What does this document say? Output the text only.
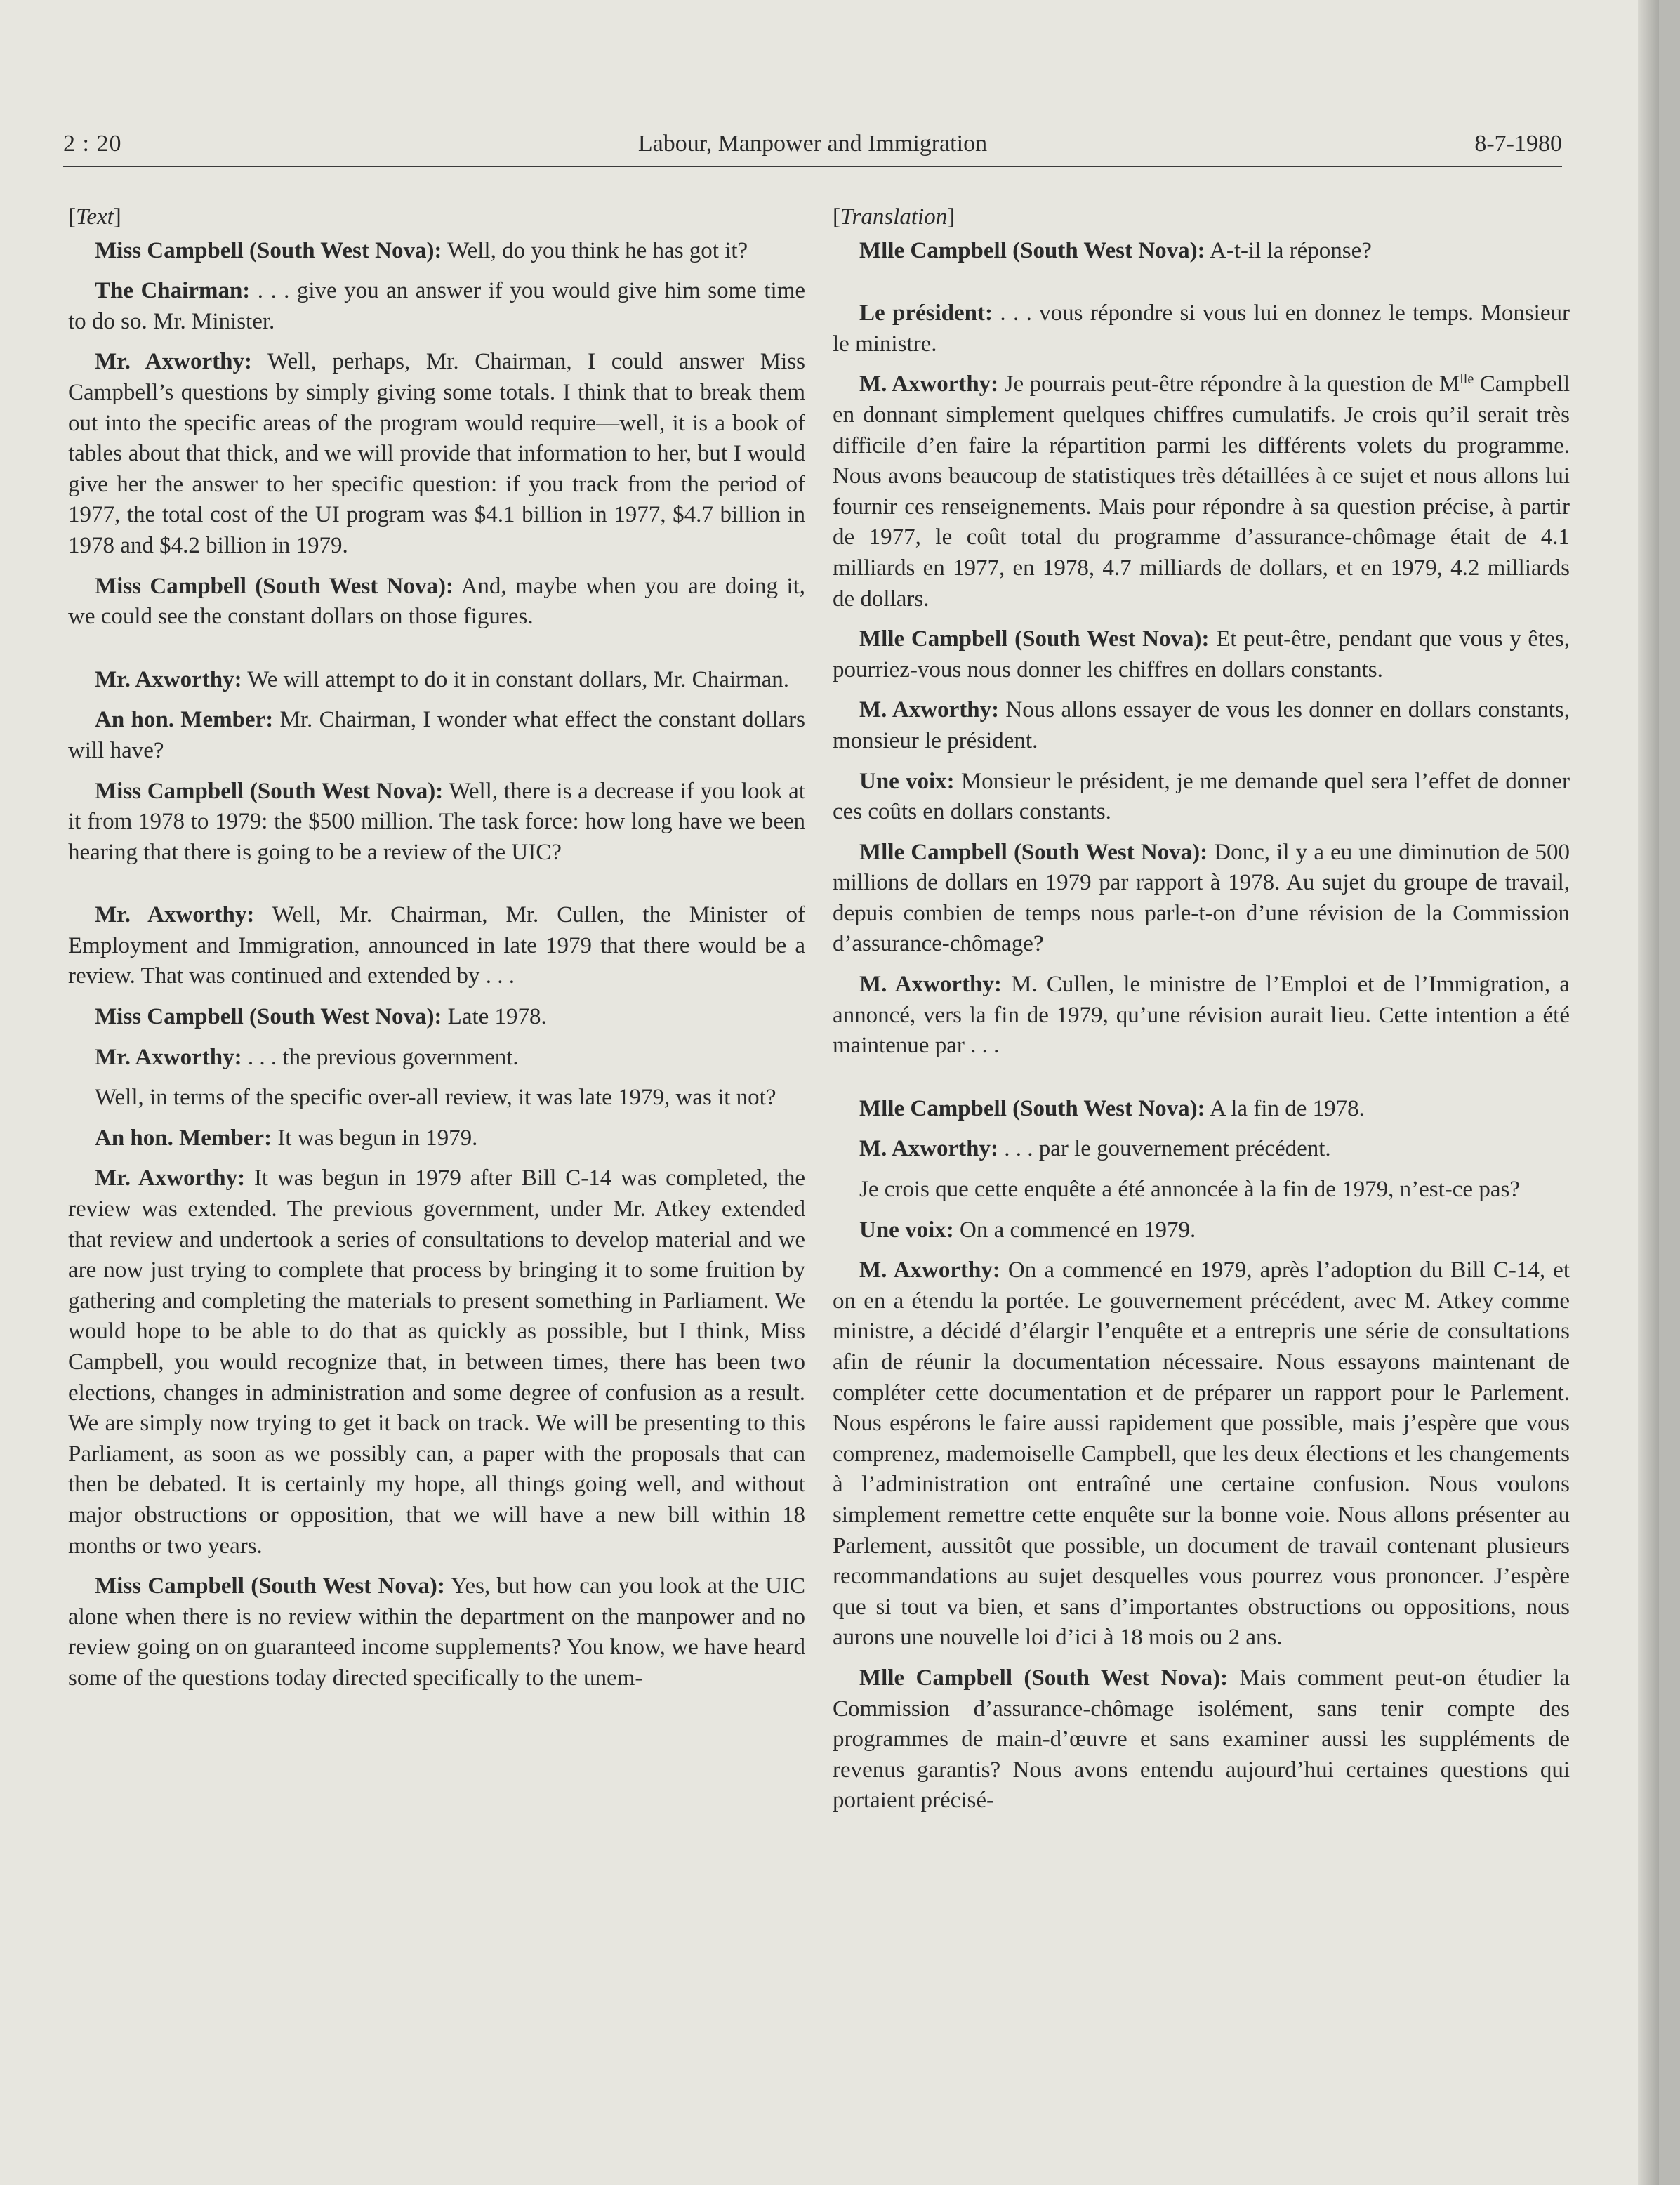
2 : 20	Labour, Manpower and Immigration	8-7-1980

[Text]

Miss Campbell (South West Nova): Well, do you think he has got it?

The Chairman: . . . give you an answer if you would give him some time to do so. Mr. Minister.

Mr. Axworthy: Well, perhaps, Mr. Chairman, I could answer Miss Campbell’s questions by simply giving some totals. I think that to break them out into the specific areas of the program would require—well, it is a book of tables about that thick, and we will provide that information to her, but I would give her the answer to her specific question: if you track from the period of 1977, the total cost of the UI program was $4.1 billion in 1977, $4.7 billion in 1978 and $4.2 billion in 1979.

Miss Campbell (South West Nova): And, maybe when you are doing it, we could see the constant dollars on those figures.

Mr. Axworthy: We will attempt to do it in constant dollars, Mr. Chairman.

An hon. Member: Mr. Chairman, I wonder what effect the constant dollars will have?

Miss Campbell (South West Nova): Well, there is a decrease if you look at it from 1978 to 1979: the $500 million. The task force: how long have we been hearing that there is going to be a review of the UIC?

Mr. Axworthy: Well, Mr. Chairman, Mr. Cullen, the Minister of Employment and Immigration, announced in late 1979 that there would be a review. That was continued and extended by . . .

Miss Campbell (South West Nova): Late 1978.

Mr. Axworthy: . . . the previous government.

Well, in terms of the specific over-all review, it was late 1979, was it not?

An hon. Member: It was begun in 1979.

Mr. Axworthy: It was begun in 1979 after Bill C-14 was completed, the review was extended. The previous government, under Mr. Atkey extended that review and undertook a series of consultations to develop material and we are now just trying to complete that process by bringing it to some fruition by gathering and completing the materials to present something in Parliament. We would hope to be able to do that as quickly as possible, but I think, Miss Campbell, you would recognize that, in between times, there has been two elections, changes in administration and some degree of confusion as a result. We are simply now trying to get it back on track. We will be presenting to this Parliament, as soon as we possibly can, a paper with the proposals that can then be debated. It is certainly my hope, all things going well, and without major obstructions or opposition, that we will have a new bill within 18 months or two years.

Miss Campbell (South West Nova): Yes, but how can you look at the UIC alone when there is no review within the department on the manpower and no review going on on guaranteed income supplements? You know, we have heard some of the questions today directed specifically to the unem-

[Translation]

Mlle Campbell (South West Nova): A-t-il la réponse?

Le président: . . . vous répondre si vous lui en donnez le temps. Monsieur le ministre.

M. Axworthy: Je pourrais peut-être répondre à la question de $M^{lle}$ Campbell en donnant simplement quelques chiffres cumulatifs. Je crois qu’il serait très difficile d’en faire la répartition parmi les différents volets du programme. Nous avons beaucoup de statistiques très détaillées à ce sujet et nous allons lui fournir ces renseignements. Mais pour répondre à sa question précise, à partir de 1977, le coût total du programme d’assurance-chômage était de 4.1 milliards en 1977, en 1978, 4.7 milliards de dollars, et en 1979, 4.2 milliards de dollars.

Mlle Campbell (South West Nova): Et peut-être, pendant que vous y êtes, pourriez-vous nous donner les chiffres en dollars constants.

M. Axworthy: Nous allons essayer de vous les donner en dollars constants, monsieur le président.

Une voix: Monsieur le président, je me demande quel sera l’effet de donner ces coûts en dollars constants.

Mlle Campbell (South West Nova): Donc, il y a eu une diminution de 500 millions de dollars en 1979 par rapport à 1978. Au sujet du groupe de travail, depuis combien de temps nous parle-t-on d’une révision de la Commission d’assurance-chômage?

M. Axworthy: M. Cullen, le ministre de l’Emploi et de l’Immigration, a annoncé, vers la fin de 1979, qu’une révision aurait lieu. Cette intention a été maintenue par . . .

Mlle Campbell (South West Nova): A la fin de 1978.

M. Axworthy: . . . par le gouvernement précédent.

Je crois que cette enquête a été annoncée à la fin de 1979, n’est-ce pas?

Une voix: On a commencé en 1979.

M. Axworthy: On a commencé en 1979, après l’adoption du Bill C-14, et on en a étendu la portée. Le gouvernement précédent, avec M. Atkey comme ministre, a décidé d’élargir l’enquête et a entrepris une série de consultations afin de réunir la documentation nécessaire. Nous essayons maintenant de compléter cette documentation et de préparer un rapport pour le Parlement. Nous espérons le faire aussi rapidement que possible, mais j’espère que vous comprenez, mademoiselle Campbell, que les deux élections et les changements à l’administration ont entraîné une certaine confusion. Nous voulons simplement remettre cette enquête sur la bonne voie. Nous allons présenter au Parlement, aussitôt que possible, un document de travail contenant plusieurs recommandations au sujet desquelles vous pourrez vous prononcer. J’espère que si tout va bien, et sans d’importantes obstructions ou oppositions, nous aurons une nouvelle loi d’ici à 18 mois ou 2 ans.

Mlle Campbell (South West Nova): Mais comment peut-on étudier la Commission d’assurance-chômage isolément, sans tenir compte des programmes de main-d’œuvre et sans examiner aussi les suppléments de revenus garantis? Nous avons entendu aujourd’hui certaines questions qui portaient précisé-
